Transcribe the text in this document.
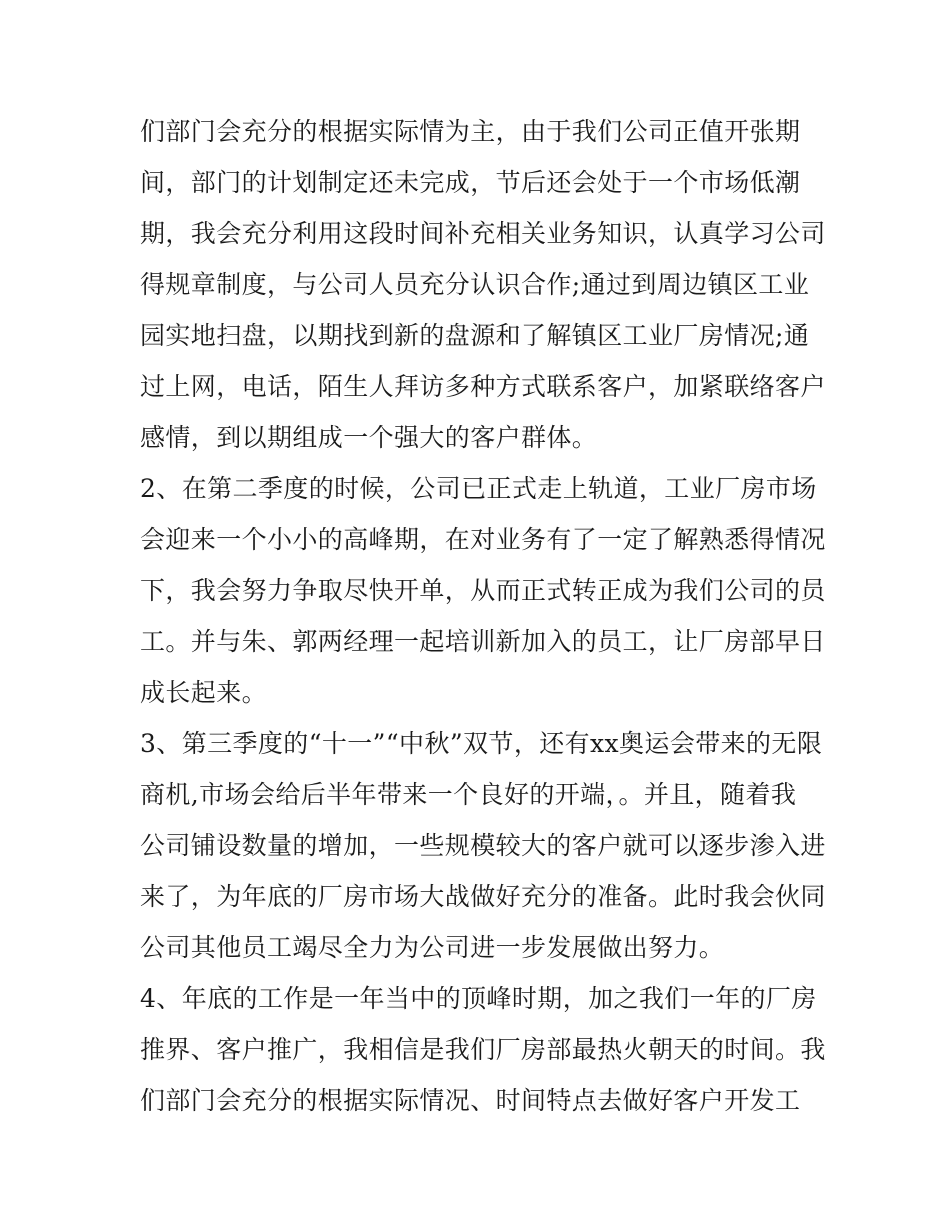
们部门会充分的根据实际情为主，由于我们公司正值开张期
间，部门的计划制定还未完成，节后还会处于一个市场低潮
期，我会充分利用这段时间补充相关业务知识，认真学习公司
得规章制度，与公司人员充分认识合作;通过到周边镇区工业
园实地扫盘，以期找到新的盘源和了解镇区工业厂房情况;通
过上网，电话，陌生人拜访多种方式联系客户，加紧联络客户
感情，到以期组成一个强大的客户群体。
2、在第二季度的时候，公司已正式走上轨道，工业厂房市场
会迎来一个小小的高峰期，在对业务有了一定了解熟悉得情况
下，我会努力争取尽快开单，从而正式转正成为我们公司的员
工。并与朱、郭两经理一起培训新加入的员工，让厂房部早日
成长起来。
3、第三季度的“十一”“中秋”双节，还有xx奥运会带来的无限
商机,市场会给后半年带来一个良好的开端，。并且，随着我
公司铺设数量的增加，一些规模较大的客户就可以逐步渗入进
来了，为年底的厂房市场大战做好充分的准备。此时我会伙同
公司其他员工竭尽全力为公司进一步发展做出努力。
4、年底的工作是一年当中的顶峰时期，加之我们一年的厂房
推界、客户推广，我相信是我们厂房部最热火朝天的时间。我
们部门会充分的根据实际情况、时间特点去做好客户开发工
